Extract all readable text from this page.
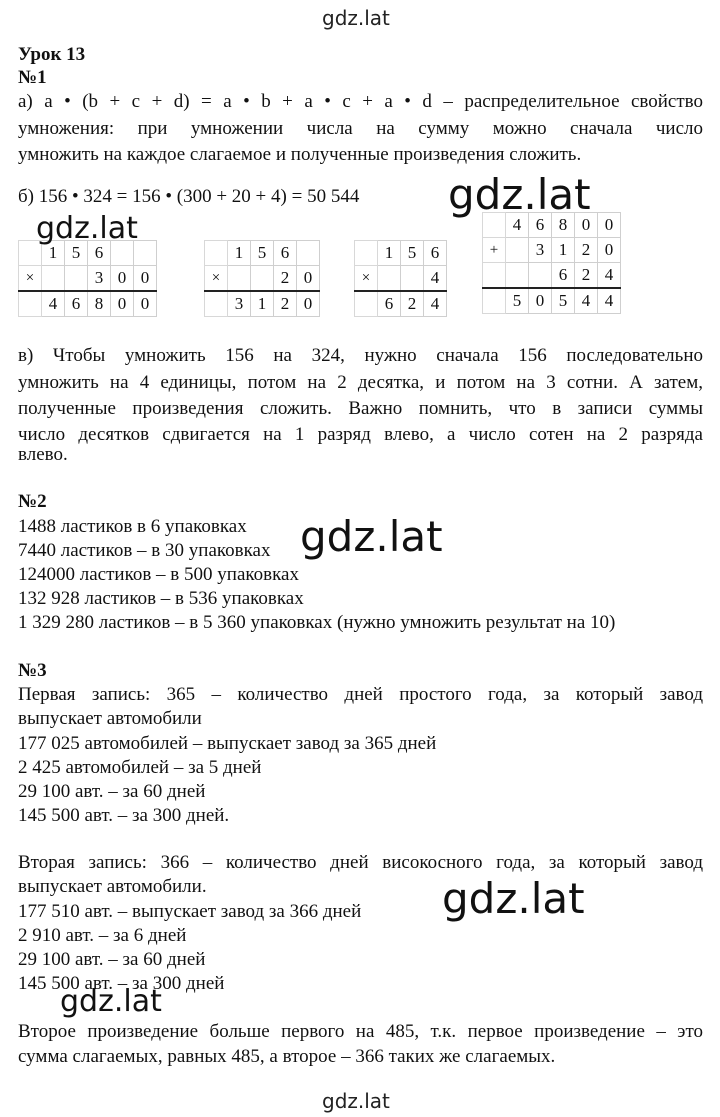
gdz.lat
Урок 13
№1
а) a • (b + c + d) = a • b + a • c + a • d – распределительное свойство
умножения: при умножении числа на сумму можно сначала число
умножить на каждое слагаемое и полученные произведения сложить.
б) 156 • 324 = 156 • (300 + 20 + 4) = 50 544
	1	5	6		
×			3	0	0
	4	6	8	0	0
	1	5	6	
×			2	0
	3	1	2	0
	1	5	6
×			4
	6	2	4
	4	6	8	0	0
+		3	1	2	0
			6	2	4
	5	0	5	4	4
gdz.lat
gdz.lat
в) Чтобы умножить 156 на 324, нужно сначала 156 последовательно
умножить на 4 единицы, потом на 2 десятка, и потом на 3 сотни. А затем,
полученные произведения сложить. Важно помнить, что в записи суммы
число десятков сдвигается на 1 разряд влево, а число сотен на 2 разряда
влево.
№2
1488 ластиков в 6 упаковках
7440 ластиков – в 30 упаковках
124000 ластиков – в 500 упаковках
132 928 ластиков – в 536 упаковках
1 329 280 ластиков – в 5 360 упаковках (нужно умножить результат на 10)
gdz.lat
№3
Первая запись: 365 – количество дней простого года, за который завод
выпускает автомобили
177 025 автомобилей – выпускает завод за 365 дней
2 425 автомобилей – за 5 дней
29 100 авт. – за 60 дней
145 500 авт. – за 300 дней.
Вторая запись: 366 – количество дней високосного года, за который завод
выпускает автомобили.
177 510 авт. – выпускает завод за 366 дней
2 910 авт. – за 6 дней
29 100 авт. – за 60 дней
145 500 авт. – за 300 дней
gdz.lat
gdz.lat
Второе произведение больше первого на 485, т.к. первое произведение – это
сумма слагаемых, равных 485, а второе – 366 таких же слагаемых.
gdz.lat
